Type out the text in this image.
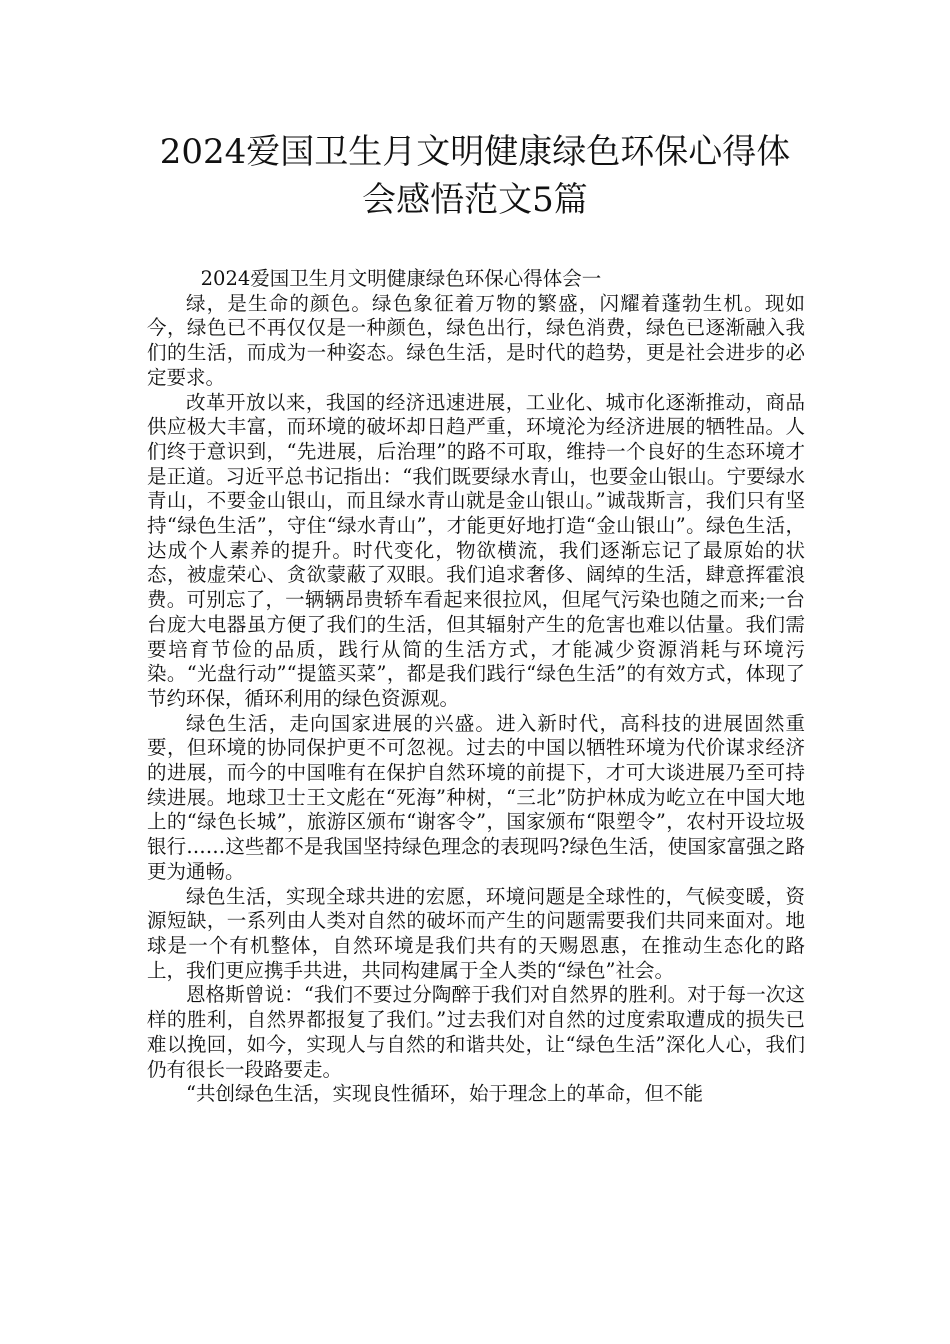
2024爱国卫生月文明健康绿色环保心得体
会感悟范文5篇

2024爱国卫生月文明健康绿色环保心得体会一

绿，是生命的颜色。绿色象征着万物的繁盛，闪耀着蓬勃生机。现如今，绿色已不再仅仅是一种颜色，绿色出行，绿色消费，绿色已逐渐融入我们的生活，而成为一种姿态。绿色生活，是时代的趋势，更是社会进步的必定要求。

改革开放以来，我国的经济迅速进展，工业化、城市化逐渐推动，商品供应极大丰富，而环境的破坏却日趋严重，环境沦为经济进展的牺牲品。人们终于意识到，“先进展，后治理”的路不可取，维持一个良好的生态环境才是正道。习近平总书记指出：“我们既要绿水青山，也要金山银山。宁要绿水青山，不要金山银山，而且绿水青山就是金山银山。”诚哉斯言，我们只有坚持“绿色生活”，守住“绿水青山”，才能更好地打造“金山银山”。绿色生活，达成个人素养的提升。时代变化，物欲横流，我们逐渐忘记了最原始的状态，被虚荣心、贪欲蒙蔽了双眼。我们追求奢侈、阔绰的生活，肆意挥霍浪费。可别忘了，一辆辆昂贵轿车看起来很拉风，但尾气污染也随之而来;一台台庞大电器虽方便了我们的生活，但其辐射产生的危害也难以估量。我们需要培育节俭的品质，践行从简的生活方式，才能减少资源消耗与环境污染。“光盘行动”“提篮买菜”，都是我们践行“绿色生活”的有效方式，体现了节约环保，循环利用的绿色资源观。

绿色生活，走向国家进展的兴盛。进入新时代，高科技的进展固然重要，但环境的协同保护更不可忽视。过去的中国以牺牲环境为代价谋求经济的进展，而今的中国唯有在保护自然环境的前提下，才可大谈进展乃至可持续进展。地球卫士王文彪在“死海”种树，“三北”防护林成为屹立在中国大地上的“绿色长城”，旅游区颁布“谢客令”，国家颁布“限塑令”，农村开设垃圾银行……这些都不是我国坚持绿色理念的表现吗?绿色生活，使国家富强之路更为通畅。

绿色生活，实现全球共进的宏愿，环境问题是全球性的，气候变暖，资源短缺，一系列由人类对自然的破坏而产生的问题需要我们共同来面对。地球是一个有机整体，自然环境是我们共有的天赐恩惠，在推动生态化的路上，我们更应携手共进，共同构建属于全人类的“绿色”社会。

恩格斯曾说：“我们不要过分陶醉于我们对自然界的胜利。对于每一次这样的胜利，自然界都报复了我们。”过去我们对自然的过度索取遭成的损失已难以挽回，如今，实现人与自然的和谐共处，让“绿色生活”深化人心，我们仍有很长一段路要走。

“共创绿色生活，实现良性循环，始于理念上的革命，但不能
